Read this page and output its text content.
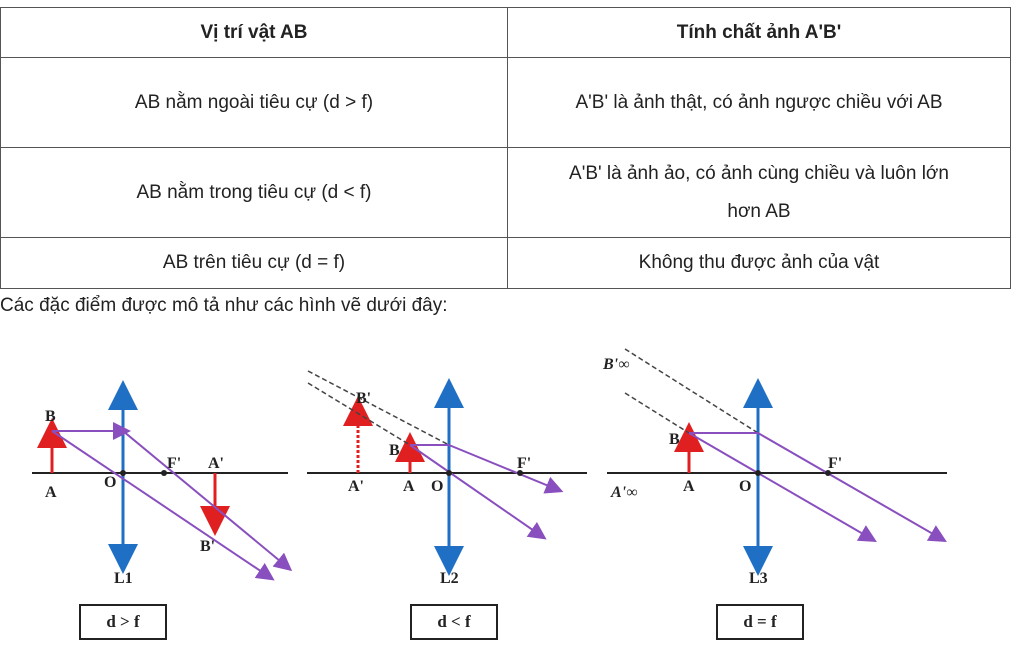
Vị trí vật AB	Tính chất ảnh A'B'
AB nằm ngoài tiêu cự (d > f)	A'B' là ảnh thật, có ảnh ngược chiều với AB
AB nằm trong tiêu cự (d < f)	A'B' là ảnh ảo, có ảnh cùng chiều và luôn lớn
hơn AB
AB trên tiêu cự (d = f)	Không thu được ảnh của vật
Các đặc điểm được mô tả như các hình vẽ dưới đây:
B
A
O
F' A'
B'
L1
d > f
B'
B
A' A O
F'
L2
d < f
B'∞
B
A'∞	A	O
F'
L3
d = f
